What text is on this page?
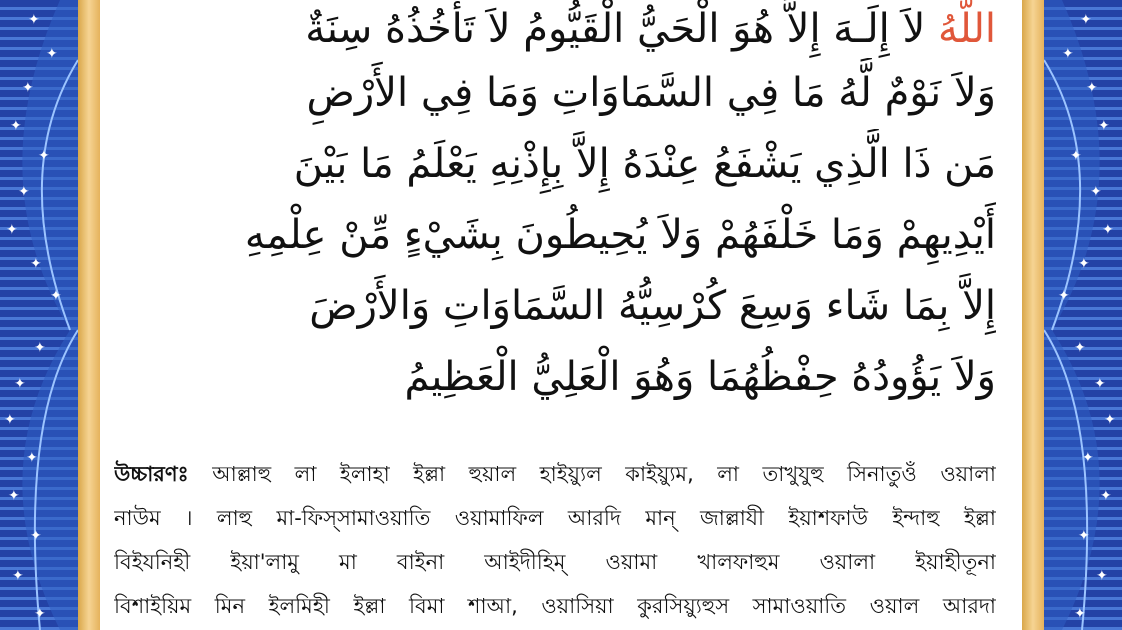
✦
✦
✦
✦
✦
✦
✦
✦
✦
✦
✦
✦
✦
✦
✦
✦
✦
✦
✦
✦
✦
✦
✦
✦
✦
✦
✦
✦
✦
✦
✦
✦
✦
✦
اللّهُ لاَ إِلَـهَ إِلاَّ هُوَ الْحَيُّ الْقَيُّومُ لاَ تَأْخُذُهُ سِنَةٌ
وَلاَ نَوْمٌ لَّهُ مَا فِي السَّمَاوَاتِ وَمَا فِي الأَرْضِ
مَن ذَا الَّذِي يَشْفَعُ عِنْدَهُ إِلاَّ بِإِذْنِهِ يَعْلَمُ مَا بَيْنَ
أَيْدِيهِمْ وَمَا خَلْفَهُمْ وَلاَ يُحِيطُونَ بِشَيْءٍ مِّنْ عِلْمِهِ
إِلاَّ بِمَا شَاء وَسِعَ كُرْسِيُّهُ السَّمَاوَاتِ وَالأَرْضَ
وَلاَ يَؤُودُهُ حِفْظُهُمَا وَهُوَ الْعَلِيُّ الْعَظِيمُ
উচ্চারণঃ আল্লাহু লা ইলাহা ইল্লা হুয়াল হাইয়্যুল কাইয়্যুম, লা তাখুযুহু সিনাতুওঁ ওয়ালা
নাউম । লাহু মা-ফিস্‌সামাওয়াতি ওয়ামাফিল আরদি মান্ জাল্লাযী ইয়াশফাউ ইন্দাহু ইল্লা
বিইযনিহী ইয়া'লামু মা বাইনা আইদীহিম্ ওয়ামা খালফাহুম ওয়ালা ইয়াহীতূনা
বিশাইয়িম মিন ইলমিহী ইল্লা বিমা শাআ, ওয়াসিয়া কুরসিয়্যুহুস সামাওয়াতি ওয়াল আরদা
